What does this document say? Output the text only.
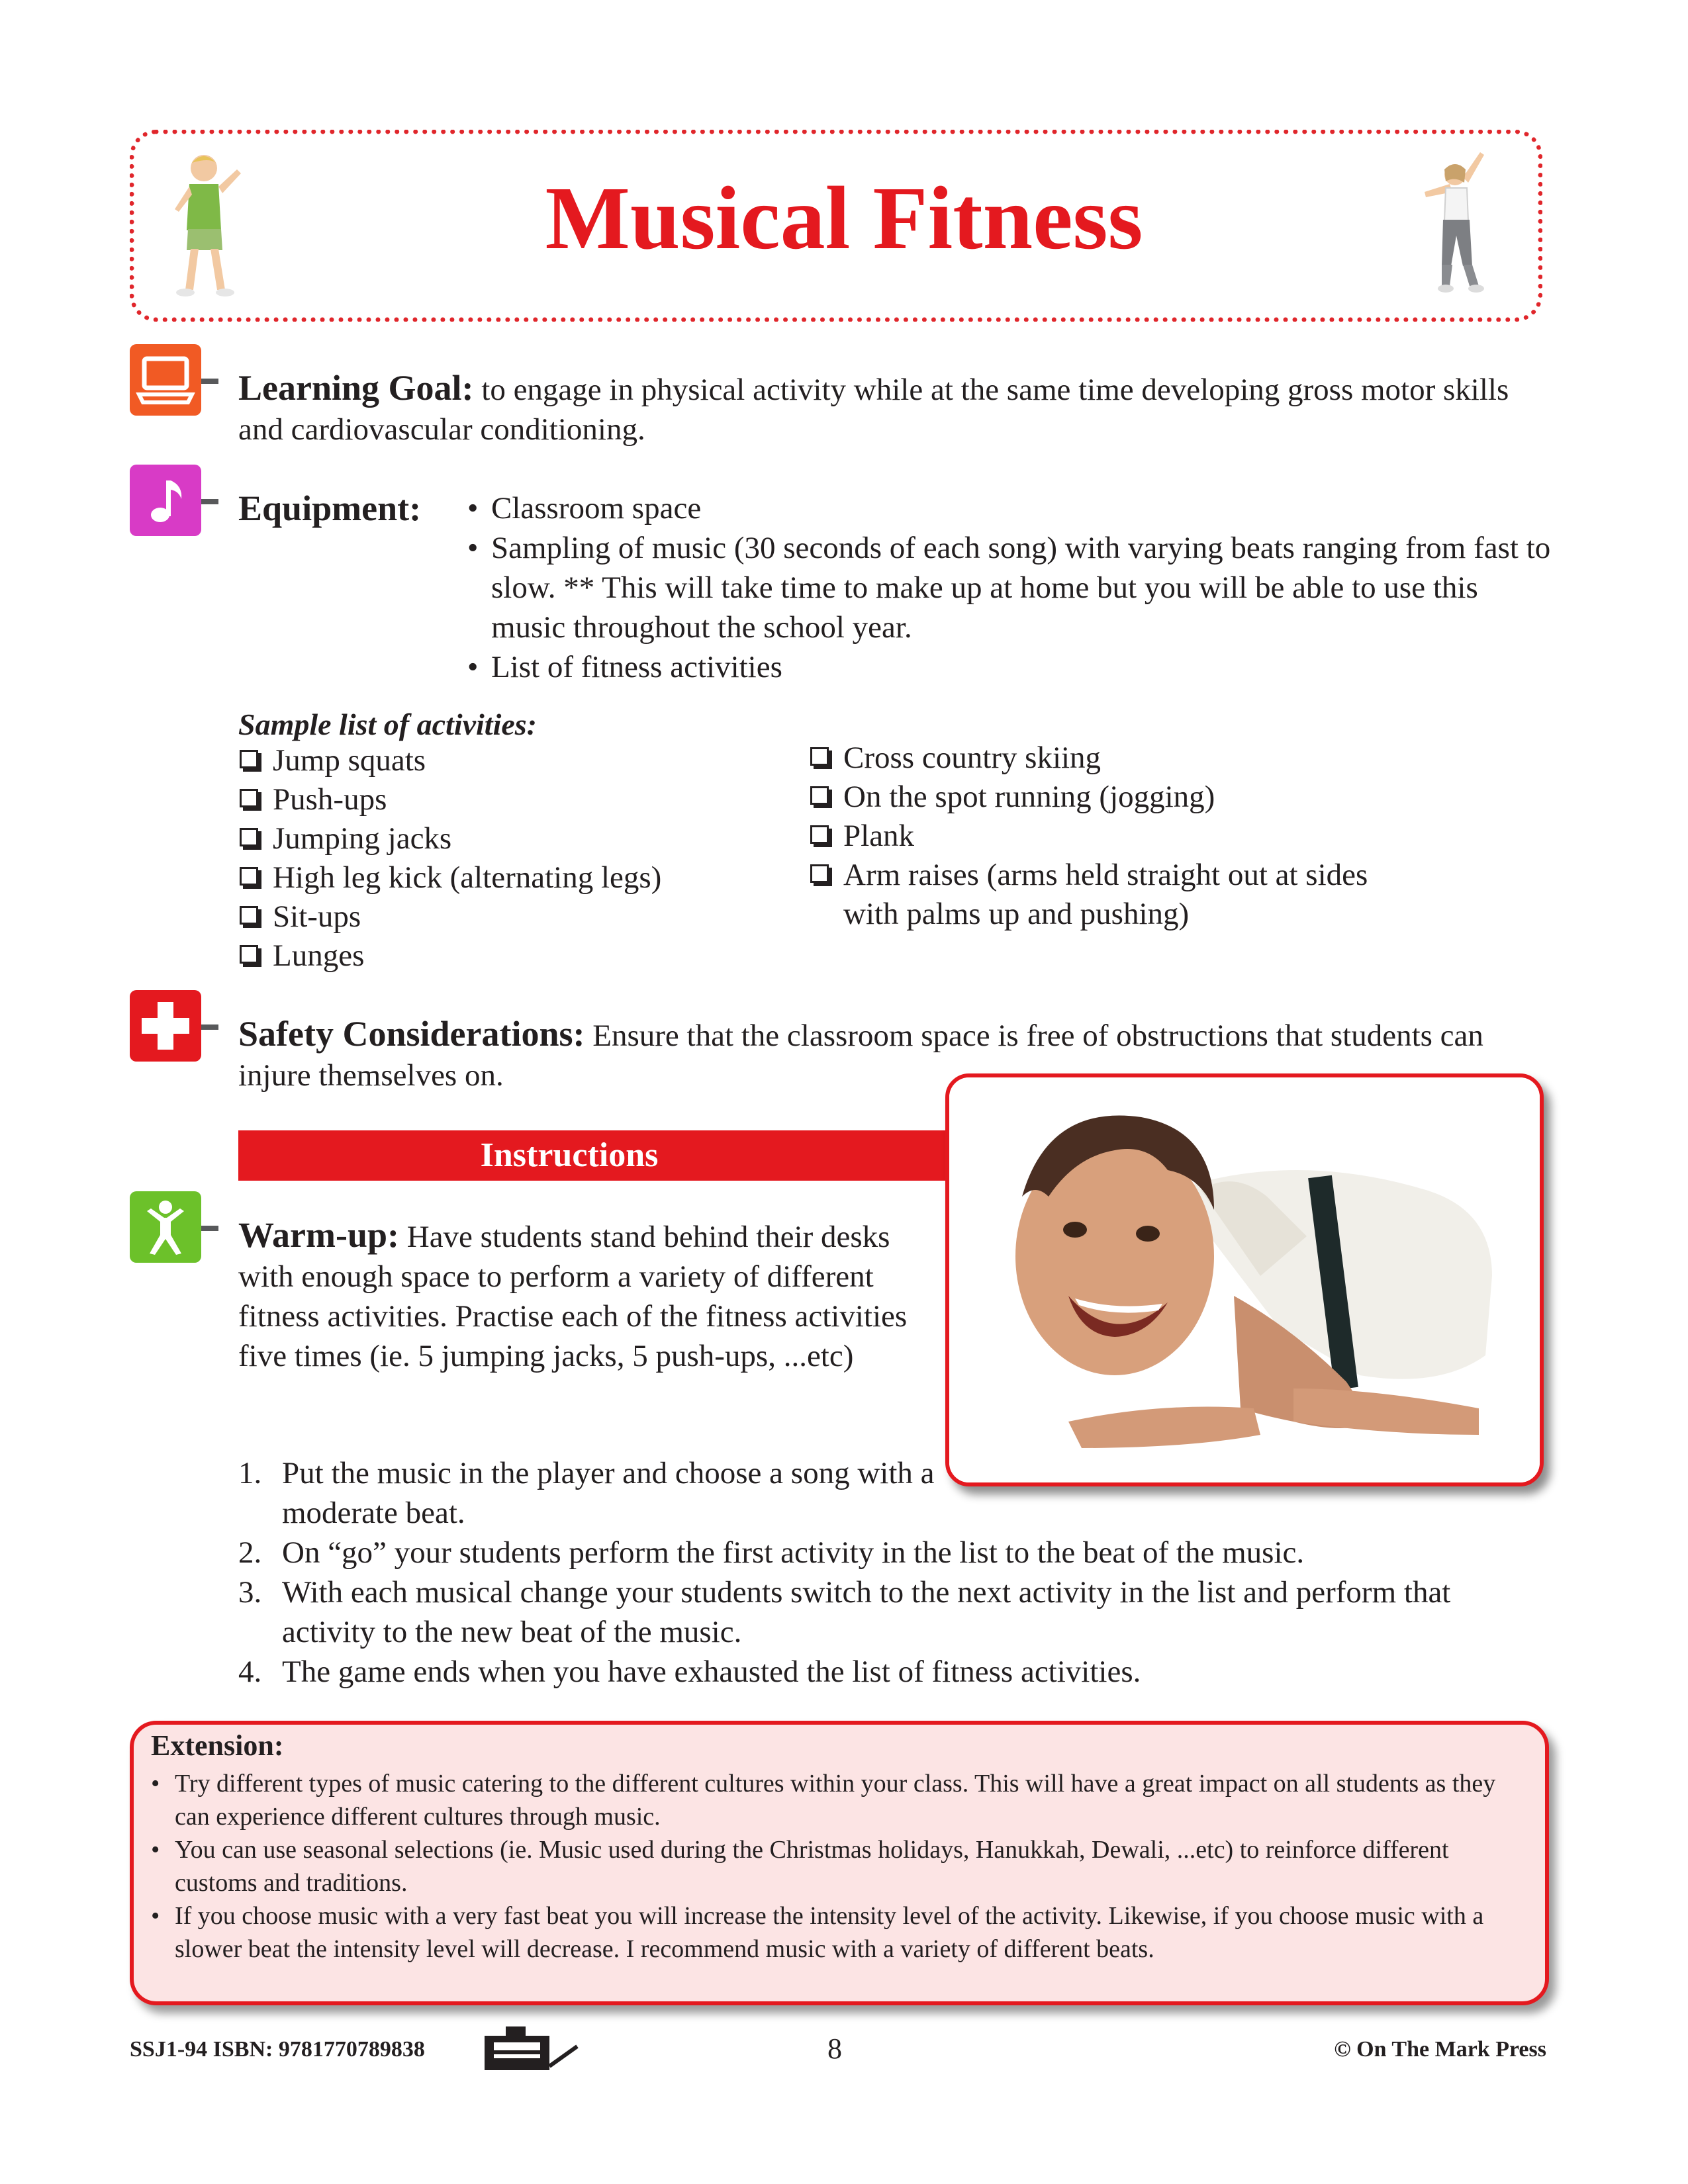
Musical Fitness

Learning Goal: to engage in physical activity while at the same time developing gross motor skills and cardiovascular conditioning.

Equipment:

•	Classroom space
• Sampling of music (30 seconds of each song) with varying beats ranging from fast to slow. ** This will take time to make up at home but you will be able to use this music throughout the school year.
• List of fitness activities

Sample list of activities:

Jump squats
Push-ups
Jumping jacks
High leg kick (alternating legs)
Sit-ups
Lunges
Cross country skiing
On the spot running (jogging)
Plank
Arm raises (arms held straight out at sides with palms up and pushing)

Safety Considerations: Ensure that the classroom space is free of obstructions that students can injure themselves on.

Instructions

Warm-up: Have students stand behind their desks with enough space to perform a variety of different fitness activities. Practise each of the fitness activities five times (ie. 5 jumping jacks, 5 push-ups, ...etc)

1. Put the music in the player and choose a song with a moderate beat.
2. On “go” your students perform the first activity in the list to the beat of the music.
3. With each musical change your students switch to the next activity in the list and perform that activity to the new beat of the music.
4. The game ends when you have exhausted the list of fitness activities.

Extension:

• Try different types of music catering to the different cultures within your class. This will have a great impact on all students as they can experience different cultures through music.
• You can use seasonal selections (ie. Music used during the Christmas holidays, Hanukkah, Dewali, ...etc) to reinforce different customs and traditions.
• If you choose music with a very fast beat you will increase the intensity level of the activity. Likewise, if you choose music with a slower beat the intensity level will decrease. I recommend music with a variety of different beats.

SSJ1-94 ISBN: 9781770789838	8	© On The Mark Press
